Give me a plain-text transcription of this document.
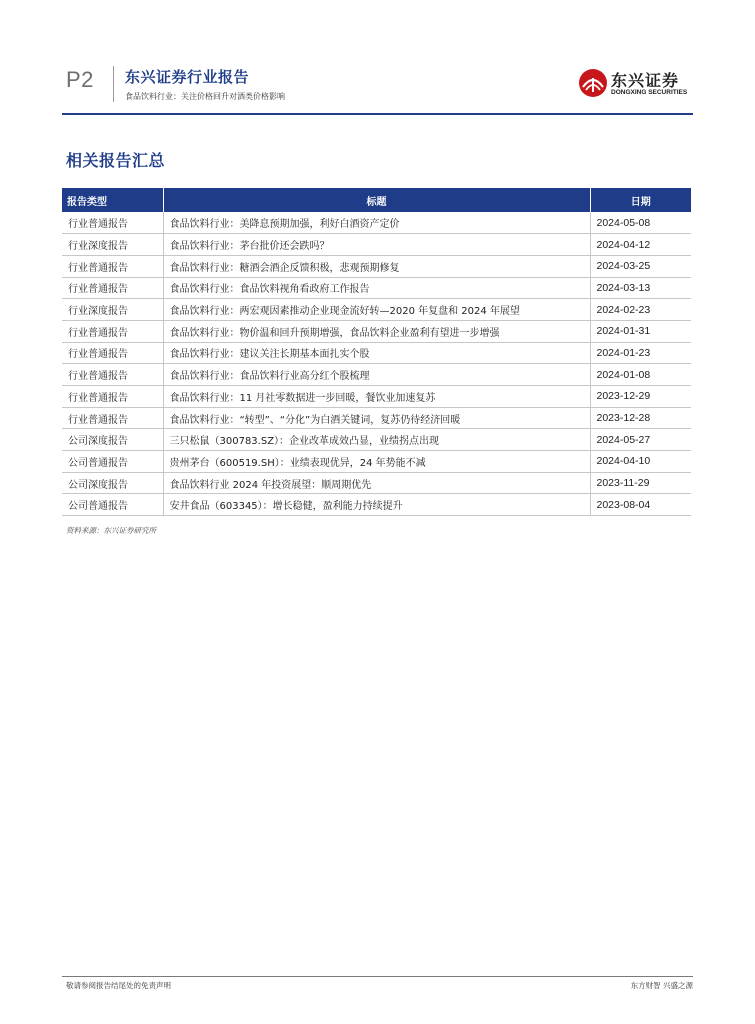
P2 东兴证券行业报告
食品饮料行业：关注价格回升对酒类价格影响
东兴证券
DONGXING SECURITIES
相关报告汇总
报告类型	标题	日期
行业普通报告	食品饮料行业：美降息预期加强，利好白酒资产定价	2024-05-08
行业深度报告	食品饮料行业：茅台批价还会跌吗？	2024-04-12
行业普通报告	食品饮料行业：糖酒会酒企反馈积极，悲观预期修复	2024-03-25
行业普通报告	食品饮料行业：食品饮料视角看政府工作报告	2024-03-13
行业深度报告	食品饮料行业：两宏观因素推动企业现金流好转—2020 年复盘和 2024 年展望	2024-02-23
行业普通报告	食品饮料行业：物价温和回升预期增强，食品饮料企业盈利有望进一步增强	2024-01-31
行业普通报告	食品饮料行业：建议关注长期基本面扎实个股	2024-01-23
行业普通报告	食品饮料行业：食品饮料行业高分红个股梳理	2024-01-08
行业普通报告	食品饮料行业：11 月社零数据进一步回暖，餐饮业加速复苏	2023-12-29
行业普通报告	食品饮料行业：“转型”、“分化”为白酒关键词，复苏仍待经济回暖	2023-12-28
公司深度报告	三只松鼠（300783.SZ）：企业改革成效凸显，业绩拐点出现	2024-05-27
公司普通报告	贵州茅台（600519.SH）：业绩表现优异，24 年势能不减	2024-04-10
公司深度报告	食品饮料行业 2024 年投资展望：顺周期优先	2023-11-29
公司普通报告	安井食品（603345）：增长稳健，盈利能力持续提升	2023-08-04
资料来源：东兴证券研究所
敬请参阅报告结尾处的免责声明	东方财智 兴盛之源
